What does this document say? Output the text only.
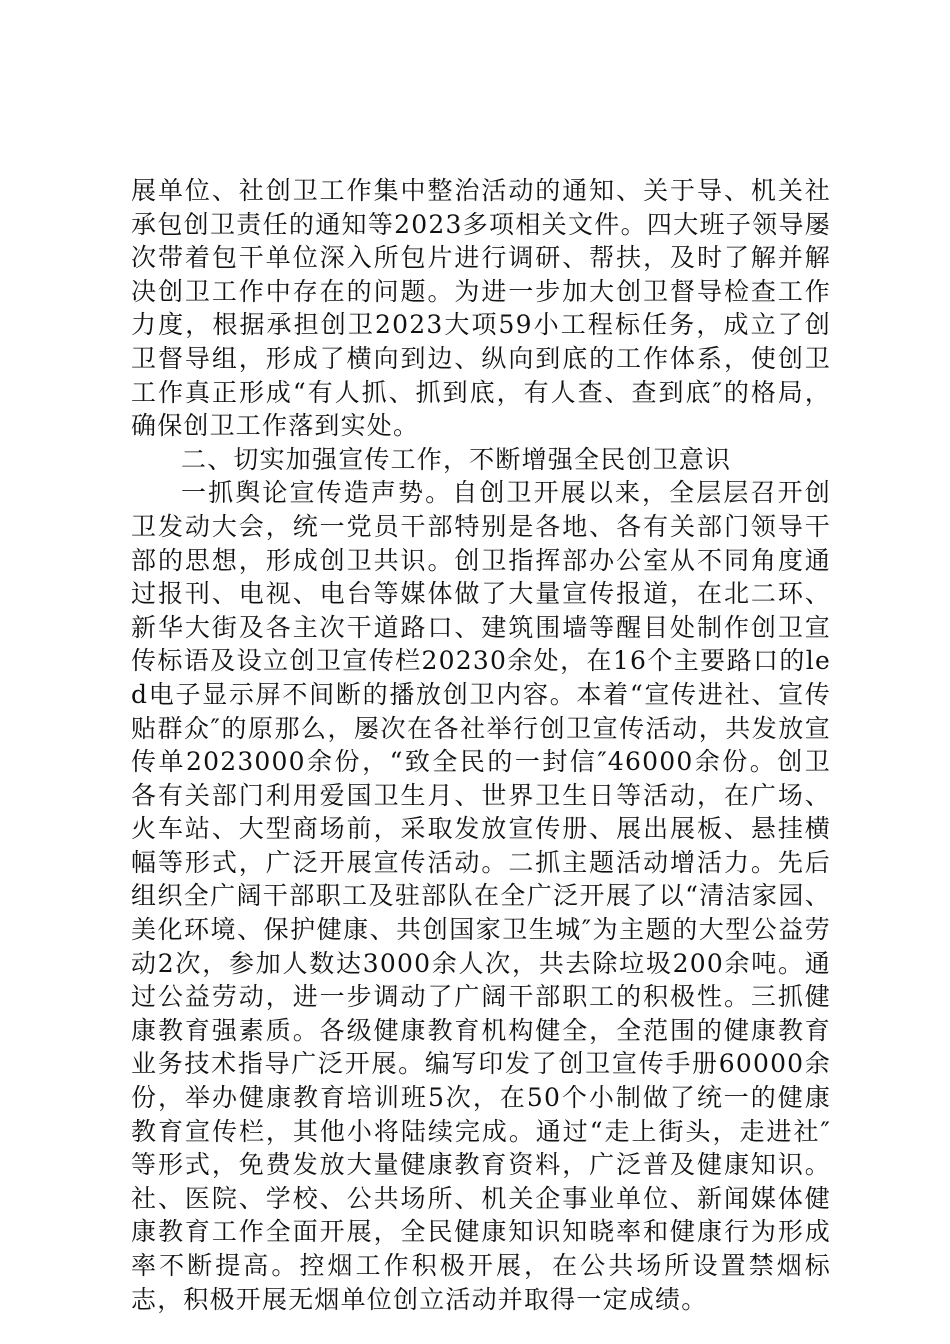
展单位、社创卫工作集中整治活动的通知、关于导、机关社承包创卫责任的通知等2023多项相关文件。四大班子领导屡次带着包干单位深入所包片进行调研、帮扶，及时了解并解决创卫工作中存在的问题。为进一步加大创卫督导检查工作力度，根据承担创卫2023大项59小工程标任务，成立了创卫督导组，形成了横向到边、纵向到底的工作体系，使创卫工作真正形成“有人抓、抓到底，有人查、查到底″的格局，确保创卫工作落到实处。

二、切实加强宣传工作，不断增强全民创卫意识

一抓舆论宣传造声势。自创卫开展以来，全层层召开创卫发动大会，统一党员干部特别是各地、各有关部门领导干部的思想，形成创卫共识。创卫指挥部办公室从不同角度通过报刊、电视、电台等媒体做了大量宣传报道，在北二环、新华大街及各主次干道路口、建筑围墙等醒目处制作创卫宣传标语及设立创卫宣传栏20230余处，在16个主要路口的led电子显示屏不间断的播放创卫内容。本着“宣传进社、宣传贴群众″的原那么，屡次在各社举行创卫宣传活动，共发放宣传单2023000余份，“致全民的一封信″46000余份。创卫各有关部门利用爱国卫生月、世界卫生日等活动，在广场、火车站、大型商场前，采取发放宣传册、展出展板、悬挂横幅等形式，广泛开展宣传活动。二抓主题活动增活力。先后组织全广阔干部职工及驻部队在全广泛开展了以“清洁家园、美化环境、保护健康、共创国家卫生城″为主题的大型公益劳动2次，参加人数达3000余人次，共去除垃圾200余吨。通过公益劳动，进一步调动了广阔干部职工的积极性。三抓健康教育强素质。各级健康教育机构健全，全范围的健康教育业务技术指导广泛开展。编写印发了创卫宣传手册60000余份，举办健康教育培训班5次，在50个小制做了统一的健康教育宣传栏，其他小将陆续完成。通过“走上街头，走进社″等形式，免费发放大量健康教育资料，广泛普及健康知识。社、医院、学校、公共场所、机关企事业单位、新闻媒体健康教育工作全面开展，全民健康知识知晓率和健康行为形成率不断提高。控烟工作积极开展，在公共场所设置禁烟标志，积极开展无烟单位创立活动并取得一定成绩。
